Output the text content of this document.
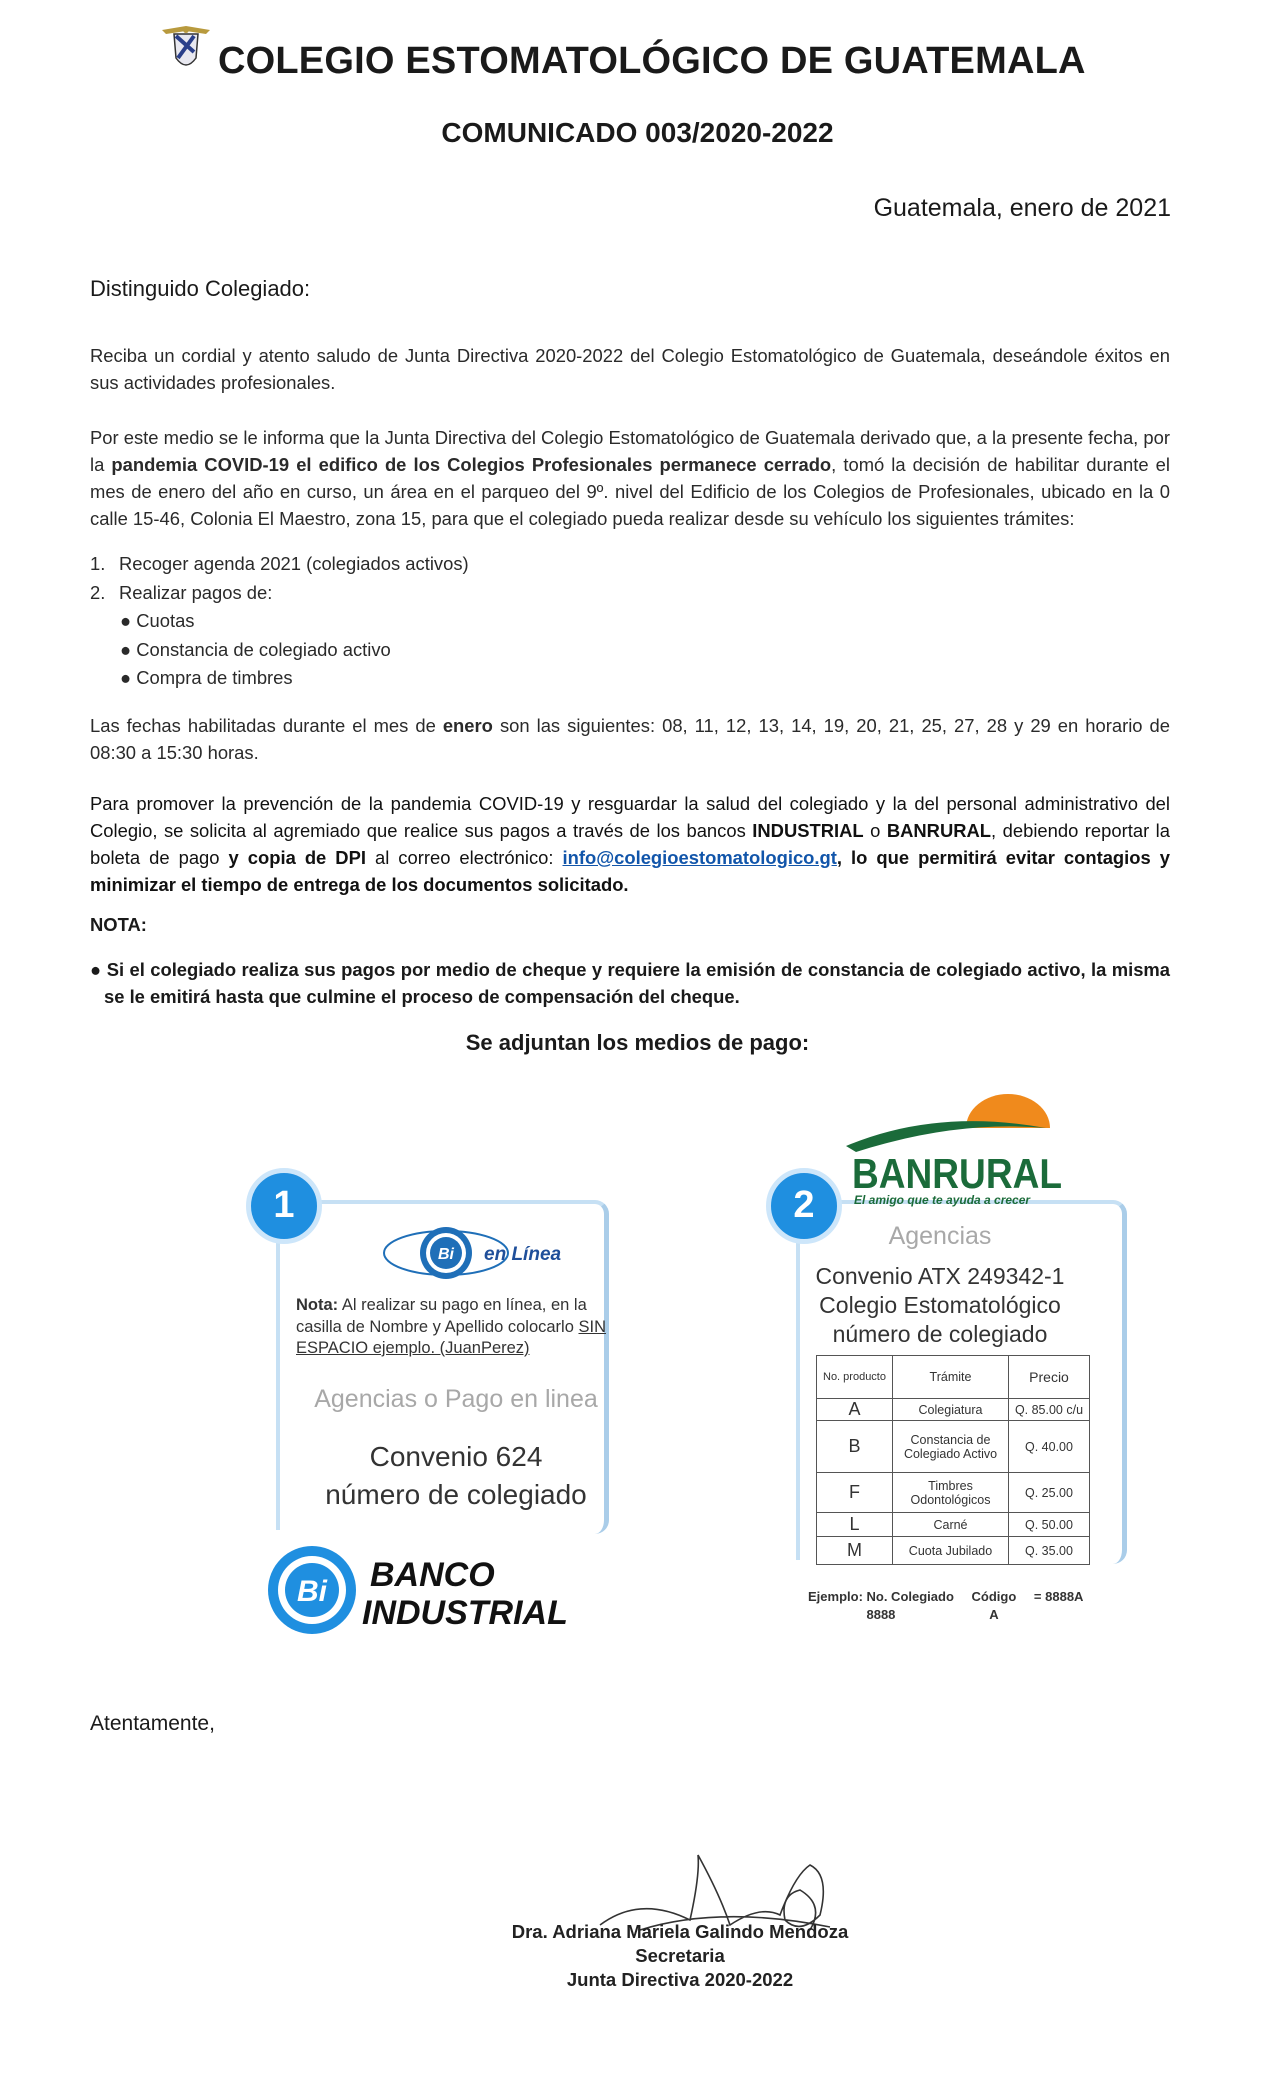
COLEGIO ESTOMATOLÓGICO DE GUATEMALA
COMUNICADO 003/2020-2022
Guatemala, enero de 2021
Distinguido Colegiado:
Reciba un cordial y atento saludo de Junta Directiva 2020-2022 del Colegio Estomatológico de Guatemala, deseándole éxitos en sus actividades profesionales.
Por este medio se le informa que la Junta Directiva del Colegio Estomatológico de Guatemala derivado que, a la presente fecha, por la pandemia COVID-19 el edifico de los Colegios Profesionales permanece cerrado, tomó la decisión de habilitar durante el mes de enero del año en curso, un área en el parqueo del 9º. nivel del Edificio de los Colegios de Profesionales, ubicado en la 0 calle 15-46, Colonia El Maestro, zona 15, para que el colegiado pueda realizar desde su vehículo los siguientes trámites:
1. Recoger agenda 2021 (colegiados activos)
2. Realizar pagos de:
● Cuotas
● Constancia de colegiado activo
● Compra de timbres
Las fechas habilitadas durante el mes de enero son las siguientes: 08, 11, 12, 13, 14, 19, 20, 21, 25, 27, 28 y 29 en horario de 08:30 a 15:30 horas.
Para promover la prevención de la pandemia COVID-19 y resguardar la salud del colegiado y la del personal administrativo del Colegio, se solicita al agremiado que realice sus pagos a través de los bancos INDUSTRIAL o BANRURAL, debiendo reportar la boleta de pago y copia de DPI al correo electrónico: info@colegioestomatologico.gt, lo que permitirá evitar contagios y minimizar el tiempo de entrega de los documentos solicitado.
NOTA:
● Si el colegiado realiza sus pagos por medio de cheque y requiere la emisión de constancia de colegiado activo, la misma se le emitirá hasta que culmine el proceso de compensación del cheque.
Se adjuntan los medios de pago:
1
Bi en Línea
Nota: Al realizar su pago en línea, en la casilla de Nombre y Apellido colocarlo SIN ESPACIO ejemplo. (JuanPerez)
Agencias o Pago en linea
Convenio 624
número de colegiado
Bi BANCO
INDUSTRIAL
2
BANRURAL
El amigo que te ayuda a crecer
Agencias
Convenio ATX 249342-1
Colegio Estomatológico
número de colegiado
No. producto	Trámite	Precio
A	Colegiatura	Q. 85.00 c/u
B	Constancia de Colegiado Activo	Q. 40.00
F	Timbres Odontológicos	Q. 25.00
L	Carné	Q. 50.00
M	Cuota Jubilado	Q. 35.00
Ejemplo: No. Colegiado
8888

Código
A
= 8888A
Atentamente,
Dra. Adriana Mariela Galindo Mendoza
Secretaria
Junta Directiva 2020-2022
